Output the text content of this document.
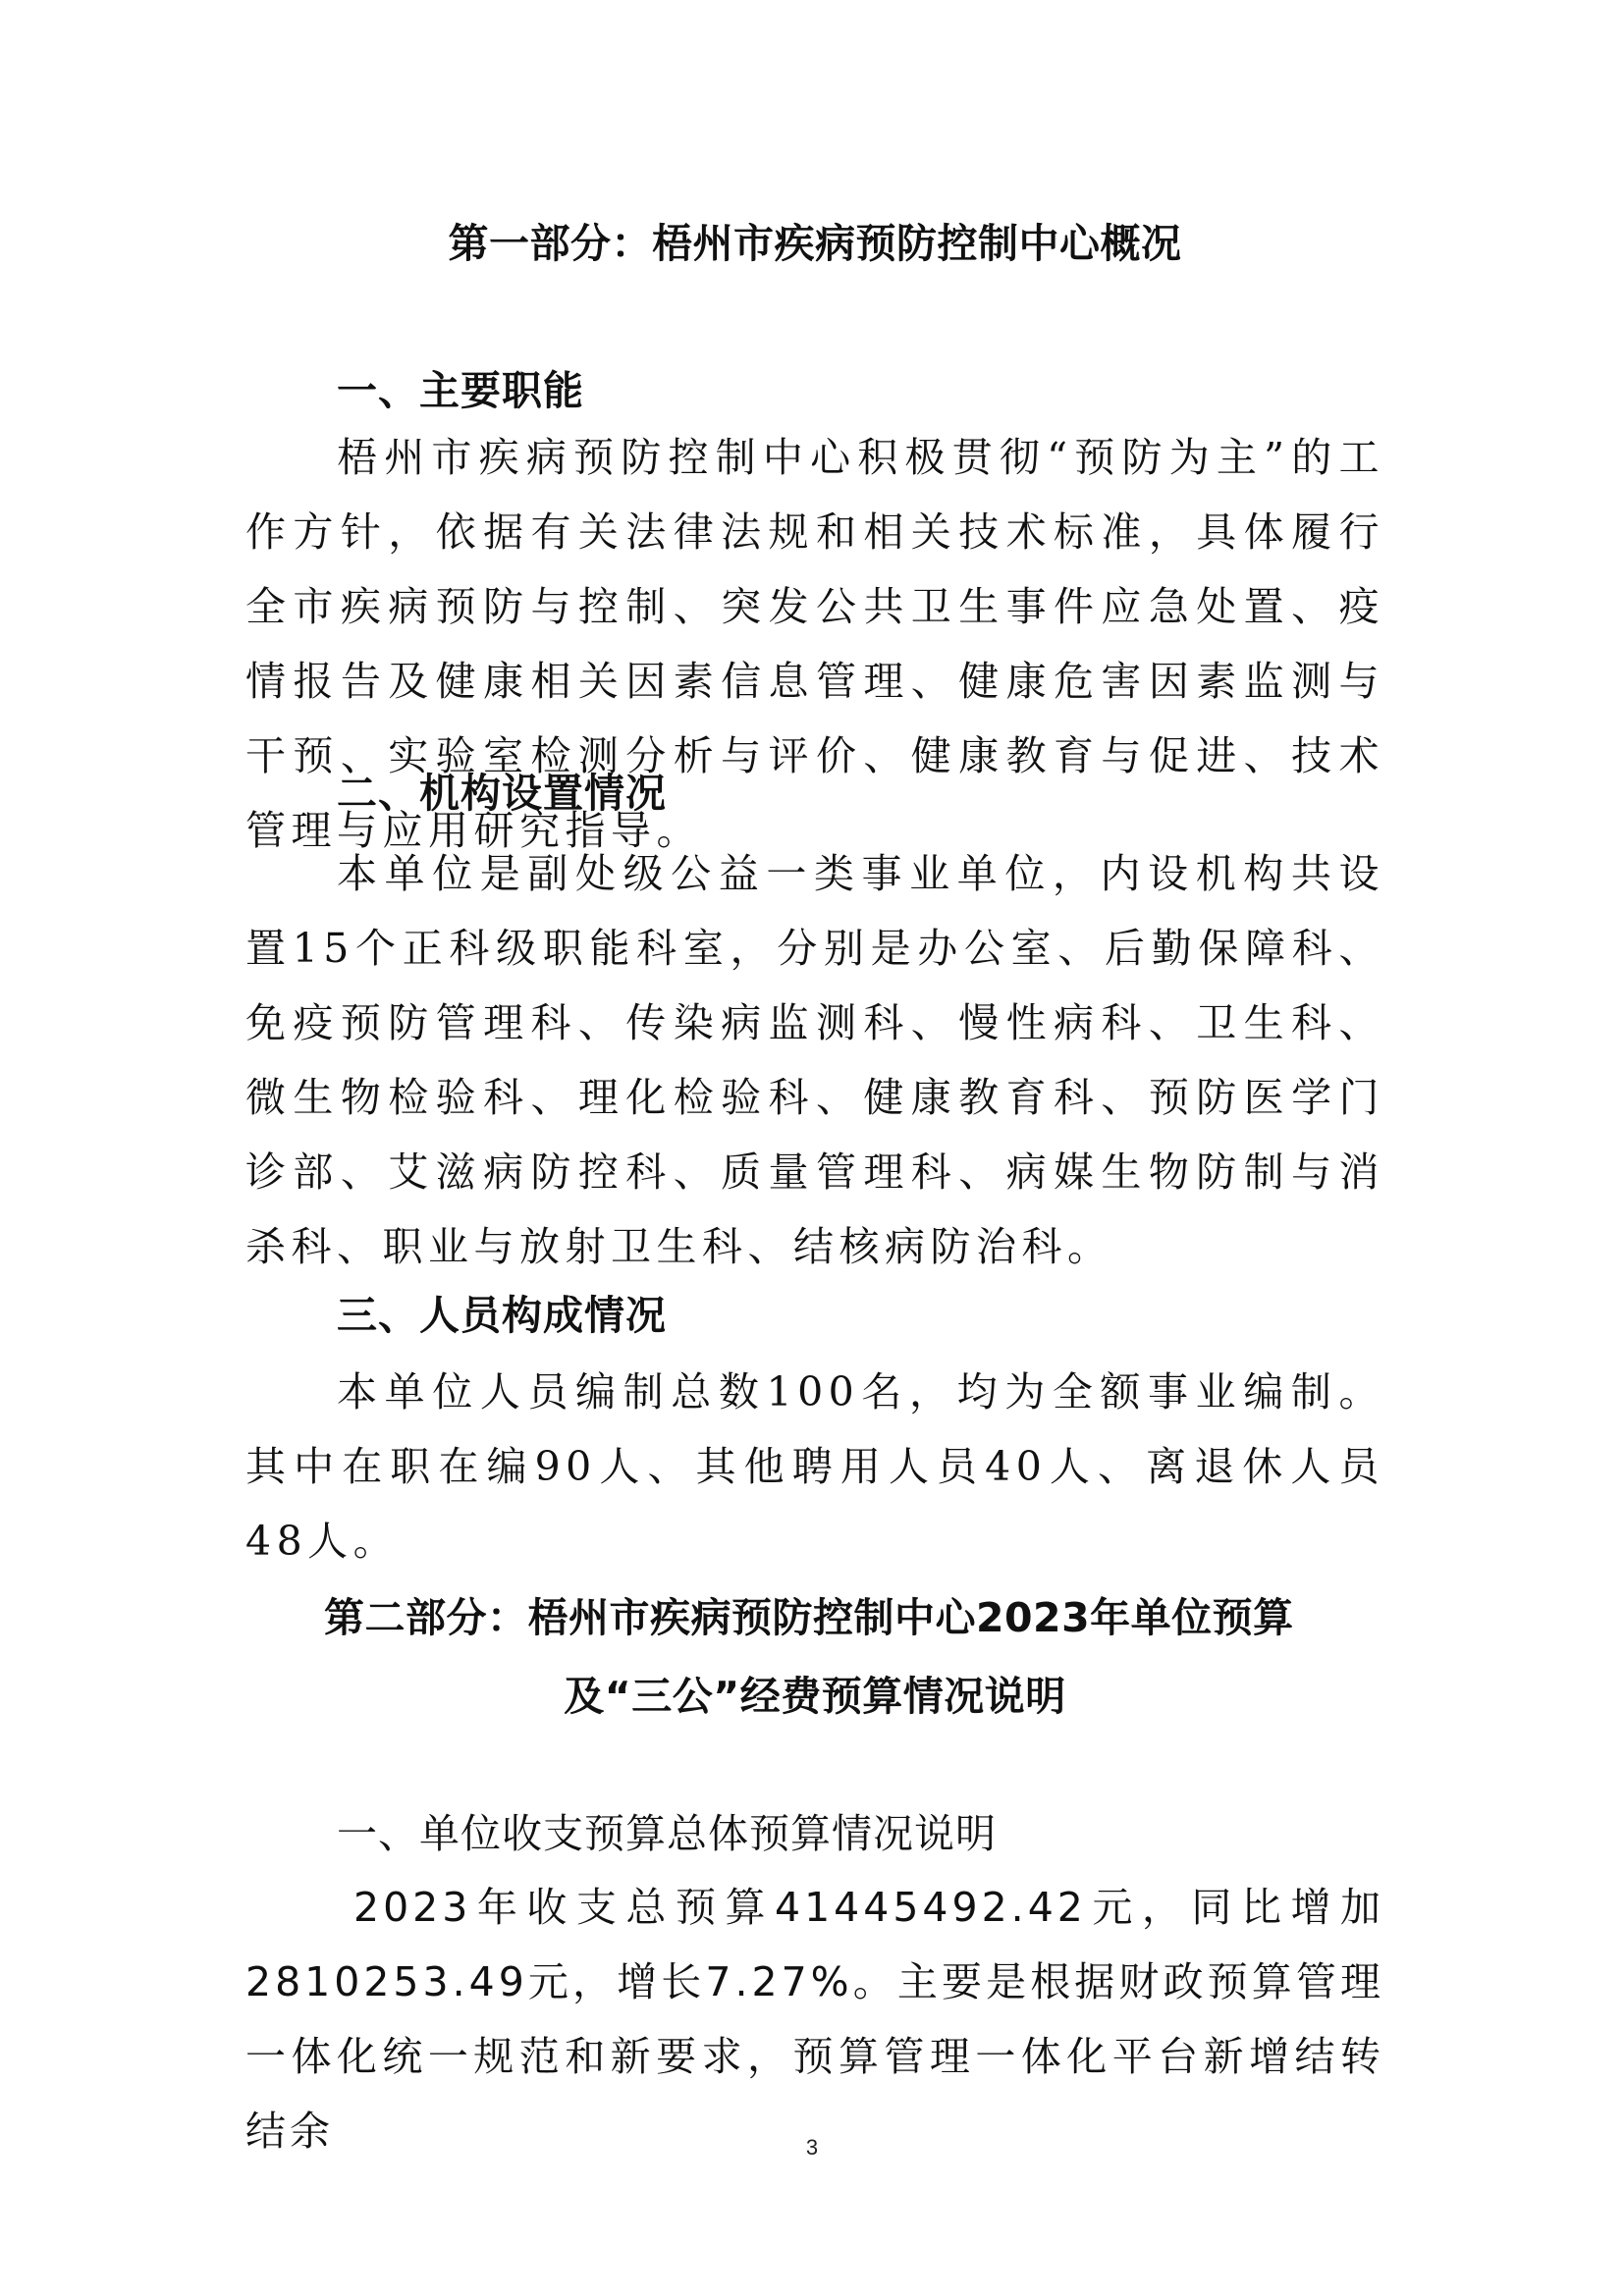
第一部分：梧州市疾病预防控制中心概况
一、主要职能

梧州市疾病预防控制中心积极贯彻“预防为主”的工作方针，依据有关法律法规和相关技术标准，具体履行全市疾病预防与控制、突发公共卫生事件应急处置、疫情报告及健康相关因素信息管理、健康危害因素监测与干预、实验室检测分析与评价、健康教育与促进、技术管理与应用研究指导。

二、机构设置情况

本单位是副处级公益一类事业单位，内设机构共设置15个正科级职能科室，分别是办公室、后勤保障科、免疫预防管理科、传染病监测科、慢性病科、卫生科、微生物检验科、理化检验科、健康教育科、预防医学门诊部、艾滋病防控科、质量管理科、病媒生物防制与消杀科、职业与放射卫生科、结核病防治科。

三、人员构成情况

本单位人员编制总数100名，均为全额事业编制。其中在职在编90人、其他聘用人员40人、离退休人员48人。

第二部分：梧州市疾病预防控制中心2023年单位预算
及“三公”经费预算情况说明
一、单位收支预算总体预算情况说明

2023年收支总预算41445492.42元，同比增加2810253.49元，增长7.27%。主要是根据财政预算管理一体化统一规范和新要求，预算管理一体化平台新增结转结余	3
